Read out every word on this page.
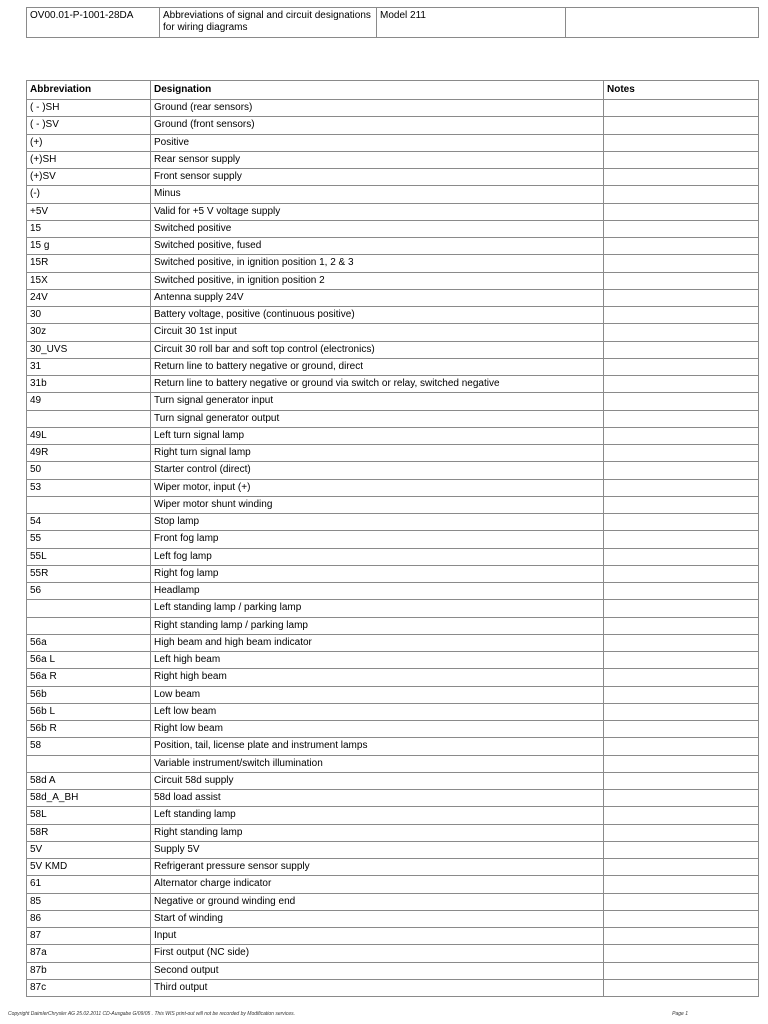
OV00.01-P-1001-28DA	Abbreviations of signal and circuit designations for wiring diagrams	Model 211	
Abbreviation	Designation	Notes
( - )SH	Ground (rear sensors)	
( - )SV	Ground (front sensors)	
(+)	Positive	
(+)SH	Rear sensor supply	
(+)SV	Front sensor supply	
(-)	Minus	
+5V	Valid for +5 V voltage supply	
15	Switched positive	
15 g	Switched positive, fused	
15R	Switched positive, in ignition position 1, 2 & 3	
15X	Switched positive, in ignition position 2	
24V	Antenna supply 24V	
30	Battery voltage, positive (continuous positive)	
30z	Circuit 30 1st input	
30_UVS	Circuit 30 roll bar and soft top control (electronics)	
31	Return line to battery negative or ground, direct	
31b	Return line to battery negative or ground via switch or relay, switched negative	
49	Turn signal generator input	
	Turn signal generator output	
49L	Left turn signal lamp	
49R	Right turn signal lamp	
50	Starter control (direct)	
53	Wiper motor, input (+)	
	Wiper motor shunt winding	
54	Stop lamp	
55	Front fog lamp	
55L	Left fog lamp	
55R	Right fog lamp	
56	Headlamp	
	Left standing lamp / parking lamp	
	Right standing lamp / parking lamp	
56a	High beam and high beam indicator	
56a L	Left high beam	
56a R	Right high beam	
56b	Low beam	
56b L	Left low beam	
56b R	Right low beam	
58	Position, tail, license plate and instrument lamps	
	Variable instrument/switch illumination	
58d A	Circuit 58d supply	
58d_A_BH	58d load assist	
58L	Left standing lamp	
58R	Right standing lamp	
5V	Supply 5V	
5V KMD	Refrigerant pressure sensor supply	
61	Alternator charge indicator	
85	Negative or ground winding end	
86	Start of winding	
87	Input	
87a	First output (NC side)	
87b	Second output	
87c	Third output	
Copyright DaimlerChrysler AG 25.02.2011 CD-Ausgabe G/09/05 . This WIS print-out will not be recorded by Modification services.	Page 1
